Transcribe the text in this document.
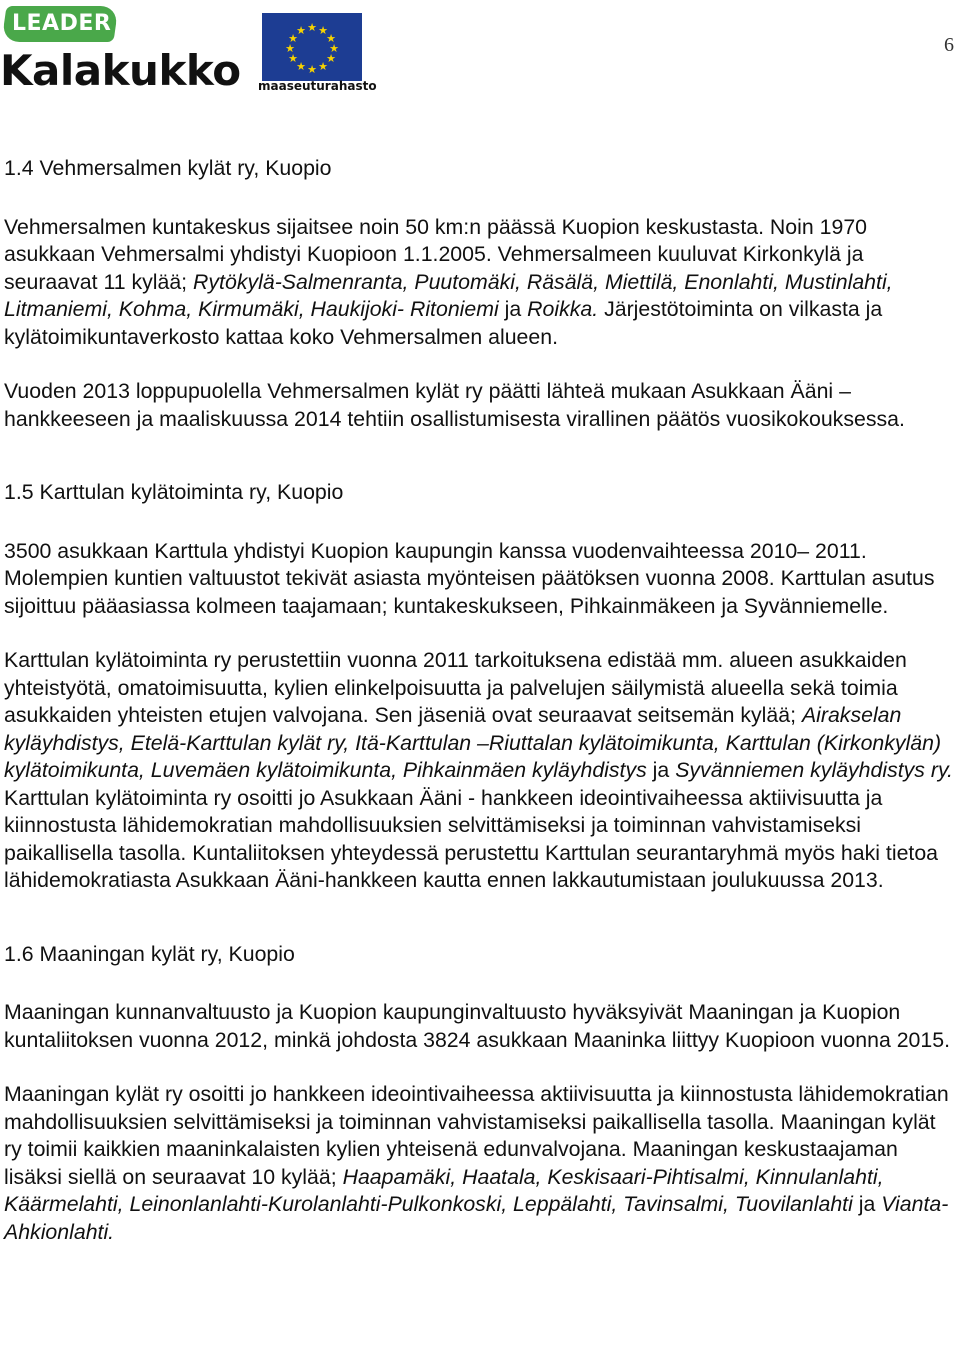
LEADER
Kalakukko
★ ★
★
★
★
★
★
★
★
★
★
★
maaseuturahasto
6
1.4 Vehmersalmen kylät ry, Kuopio

Vehmersalmen kuntakeskus sijaitsee noin 50 km:n päässä Kuopion keskustasta. Noin 1970 asukkaan Vehmersalmi yhdistyi Kuopioon 1.1.2005. Vehmersalmeen kuuluvat Kirkonkylä ja seuraavat 11 kylää; Rytökylä-Salmenranta, Puutomäki, Räsälä, Miettilä, Enonlahti, Mustinlahti, Litmaniemi, Kohma, Kirmumäki, Haukijoki- Ritoniemi ja Roikka. Järjestötoiminta on vilkasta ja kylätoimikuntaverkosto kattaa koko Vehmersalmen alueen.

Vuoden 2013 loppupuolella Vehmersalmen kylät ry päätti lähteä mukaan Asukkaan Ääni – hankkeeseen ja maaliskuussa 2014 tehtiin osallistumisesta virallinen päätös vuosikokouksessa.

1.5 Karttulan kylätoiminta ry, Kuopio

3500 asukkaan Karttula yhdistyi Kuopion kaupungin kanssa vuodenvaihteessa 2010– 2011. Molempien kuntien valtuustot tekivät asiasta myönteisen päätöksen vuonna 2008. Karttulan asutus sijoittuu pääasiassa kolmeen taajamaan; kuntakeskukseen, Pihkainmäkeen ja Syvänniemelle.

Karttulan kylätoiminta ry perustettiin vuonna 2011 tarkoituksena edistää mm. alueen asukkaiden yhteistyötä, omatoimisuutta, kylien elinkelpoisuutta ja palvelujen säilymistä alueella sekä toimia asukkaiden yhteisten etujen valvojana. Sen jäseniä ovat seuraavat seitsemän kylää; Airakselan kyläyhdistys, Etelä-Karttulan kylät ry, Itä-Karttulan –Riuttalan kylätoimikunta, Karttulan (Kirkonkylän) kylätoimikunta, Luvemäen kylätoimikunta, Pihkainmäen kyläyhdistys ja Syvänniemen kyläyhdistys ry. Karttulan kylätoiminta ry osoitti jo Asukkaan Ääni - hankkeen ideointivaiheessa aktiivisuutta ja kiinnostusta lähidemokratian mahdollisuuksien selvittämiseksi ja toiminnan vahvistamiseksi paikallisella tasolla. Kuntaliitoksen yhteydessä perustettu Karttulan seurantaryhmä myös haki tietoa lähidemokratiasta Asukkaan Ääni-hankkeen kautta ennen lakkautumistaan joulukuussa 2013.

1.6 Maaningan kylät ry, Kuopio

Maaningan kunnanvaltuusto ja Kuopion kaupunginvaltuusto hyväksyivät Maaningan ja Kuopion kuntaliitoksen vuonna 2012, minkä johdosta 3824 asukkaan Maaninka liittyy Kuopioon vuonna 2015.

Maaningan kylät ry osoitti jo hankkeen ideointivaiheessa aktiivisuutta ja kiinnostusta lähidemokratian mahdollisuuksien selvittämiseksi ja toiminnan vahvistamiseksi paikallisella tasolla. Maaningan kylät ry toimii kaikkien maaninkalaisten kylien yhteisenä edunvalvojana. Maaningan keskustaajaman lisäksi siellä on seuraavat 10 kylää; Haapamäki, Haatala, Keskisaari-Pihtisalmi, Kinnulanlahti, Käärmelahti, Leinonlanlahti-Kurolanlahti-Pulkonkoski, Leppälahti, Tavinsalmi, Tuovilanlahti ja Vianta-Ahkionlahti.
